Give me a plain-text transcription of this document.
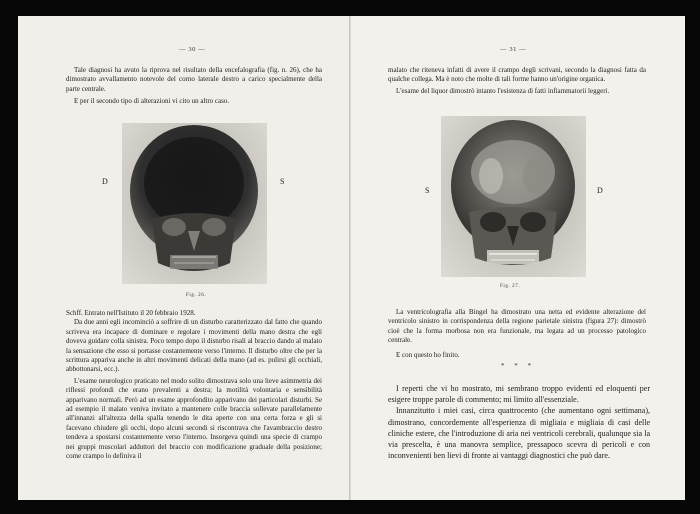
— 30 —

Tale diagnosi ha avuto la riprova nel risultato della encefalografia (fig. n. 26), che ha dimostrato avvallamento notevole del corno laterale destro a carico specialmente della parte centrale.

E per il secondo tipo di alterazioni vi cito un altro caso.

D	S
Fig. 26.

Schff. Entrato nell'Istituto il 20 febbraio 1928.

Da due anni egli incominciò a soffrire di un disturbo caratterizzato dal fatto che quando scriveva era incapace di dominare e regolare i movimenti della mano destra che egli doveva guidare colla sinistra. Poco tempo dopo il disturbo risalì al braccio dando al malato la sensazione che esso si portasse costantemente verso l'interno. Il disturbo oltre che per la scrittura appariva anche in altri movimenti delicati della mano (ad es. pulirsi gli occhiali, abbottonarsi, ecc.).

L'esame neurologico praticato nel modo solito dimostrava solo una lieve asimmetria dei riflessi profondi che erano prevalenti a destra; la motilità volontaria e sensibilità apparivano normali. Però ad un esame approfondito apparivano dei particolari disturbi. Se ad esempio il malato veniva invitato a mantenere colle braccia sollevate parallelamente all'innanzi all'altezza della spalla tenendo le dita aperte con una certa forza e gli si facevano chiudere gli occhi, dopo alcuni secondi si riscontrava che l'avambraccio destro tendeva a spostarsi costantemente verso l'interno. Insorgeva quindi una specie di crampo nei gruppi muscolari adduttori del braccio con modificazione graduale della posizione; come crampo lo definiva il

— 31 —

malato che riteneva infatti di avere il crampo degli scrivani, secondo la diagnosi fatta da qualche collega. Ma è noto che molte di tali forme hanno un'origine organica.

L'esame del liquor dimostrò intanto l'esistenza di fatti infiammatorii leggeri.

S	D
Fig. 27.

La ventricolografia alla Bingel ha dimostrato una netta ed evidente alterazione del ventricolo sinistro in corrispondenza della regione parietale sinistra (figura 27): dimostrò cioè che la forma morbosa non era funzionale, ma legata ad un processo patologico centrale.

E con questo ho finito.

* * *

I reperti che vi ho mostrato, mi sembrano troppo evidenti ed eloquenti per esigere troppe parole di commento; mi limito all'essenziale.

Innanzitutto i miei casi, circa quattrocento (che aumentano ogni settimana), dimostrano, concordemente all'esperienza di migliaia e migliaia di casi delle cliniche estere, che l'introduzione di aria nei ventricoli cerebrali, qualunque sia la via prescelta, è una manovra semplice, pressapoco scevra di pericoli e con inconvenienti ben lievi di fronte ai vantaggi diagnostici che può dare.
